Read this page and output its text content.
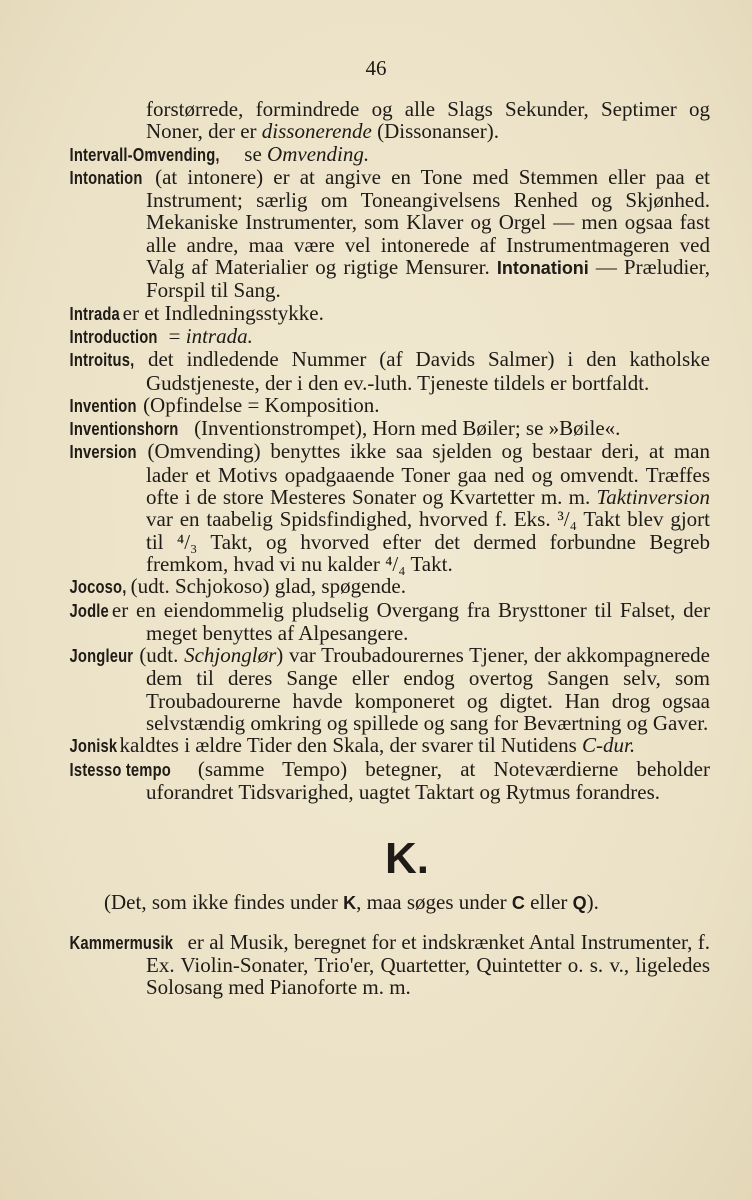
46

forstørrede, formindrede og alle Slags Sekunder, Septimer og Noner, der er dissonerende (Dissonanser).

Intervall-Omvending, se Omvending.

Intonation (at intonere) er at angive en Tone med Stemmen eller paa et Instrument; særlig om Toneangivelsens Renhed og Skjønhed. Mekaniske Instrumenter, som Klaver og Orgel — men ogsaa fast alle andre, maa være vel intonerede af Instrumentmageren ved Valg af Materialier og rigtige Mensurer. Intonationi — Præludier, Forspil til Sang.

Intrada er et Indledningsstykke.

Introduction = intrada.

Introitus, det indledende Nummer (af Davids Salmer) i den katholske Gudstjeneste, der i den ev.-luth. Tjeneste tildels er bortfaldt.

Invention (Opfindelse = Komposition.

Inventionshorn (Inventionstrompet), Horn med Bøiler; se »Bøile«.

Inversion (Omvending) benyttes ikke saa sjelden og bestaar deri, at man lader et Motivs opadgaaende Toner gaa ned og omvendt. Træffes ofte i de store Mesteres Sonater og Kvartetter m. m. Taktinversion var en taabelig Spidsfindighed, hvorved f. Eks. ³/₄ Takt blev gjort til ⁴/₃ Takt, og hvorved efter det dermed forbundne Begreb fremkom, hvad vi nu kalder ⁴/₄ Takt.

Jocoso, (udt. Schjokoso) glad, spøgende.

Jodle er en eiendommelig pludselig Overgang fra Brysttoner til Falset, der meget benyttes af Alpesangere.

Jongleur (udt. Schjonglør) var Troubadourernes Tjener, der akkompagnerede dem til deres Sange eller endog overtog Sangen selv, som Troubadourerne havde komponeret og digtet. Han drog ogsaa selvstændig omkring og spillede og sang for Beværtning og Gaver.

Jonisk kaldtes i ældre Tider den Skala, der svarer til Nutidens C-dur.

Istesso tempo (samme Tempo) betegner, at Noteværdierne beholder uforandret Tidsvarighed, uagtet Taktart og Rytmus forandres.

K.

(Det, som ikke findes under K, maa søges under C eller Q).

Kammermusik er al Musik, beregnet for et indskrænket Antal Instrumenter, f. Ex. Violin-Sonater, Trio'er, Quartetter, Quintetter o. s. v., ligeledes Solosang med Pianoforte m. m.
